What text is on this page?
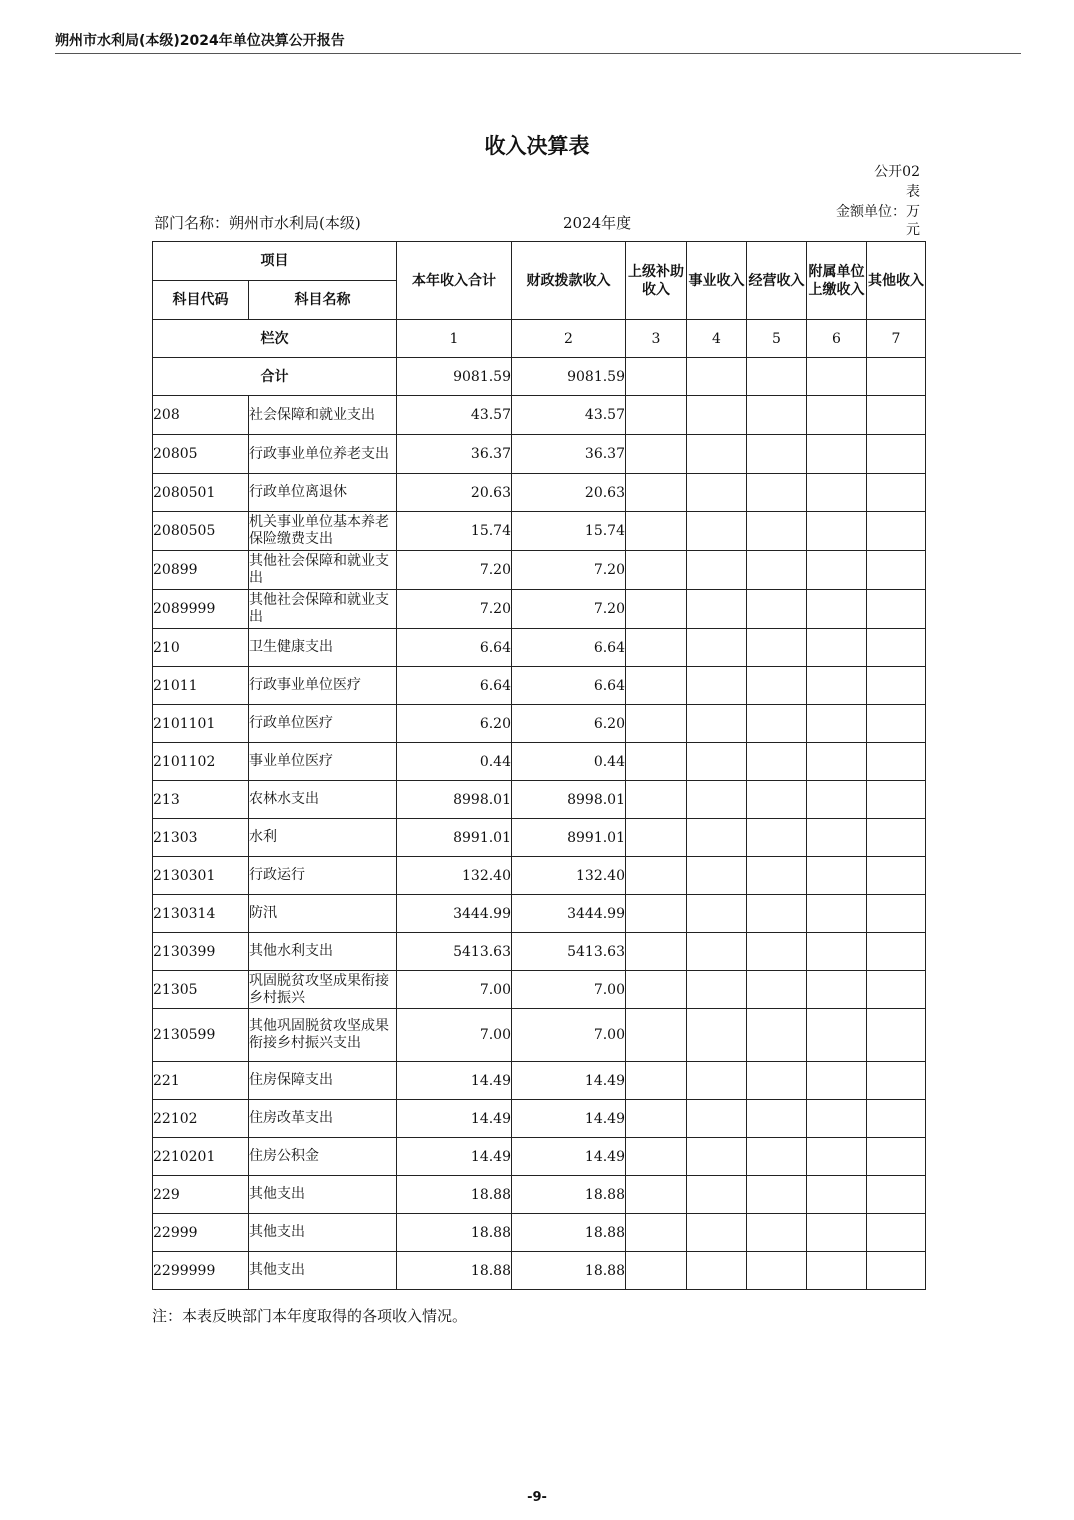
朔州市水利局(本级)2024年单位决算公开报告
收入决算表
公开02
表
金额单位：万
元
部门名称：朔州市水利局(本级)	2024年度
项目		本年收入合计	财政拨款收入	上级补助收入	事业收入	经营收入	附属单位上缴收入	其他收入
科目代码	科目名称							
栏次		1	2	3	4	5	6	7
合计		9081.59	9081.59					
208	社会保障和就业支出	43.57	43.57					
20805	行政事业单位养老支出	36.37	36.37					
2080501	行政单位离退休	20.63	20.63					
2080505	机关事业单位基本养老保险缴费支出	15.74	15.74					
20899	其他社会保障和就业支出	7.20	7.20					
2089999	其他社会保障和就业支出	7.20	7.20					
210	卫生健康支出	6.64	6.64					
21011	行政事业单位医疗	6.64	6.64					
2101101	行政单位医疗	6.20	6.20					
2101102	事业单位医疗	0.44	0.44					
213	农林水支出	8998.01	8998.01					
21303	水利	8991.01	8991.01					
2130301	行政运行	132.40	132.40					
2130314	防汛	3444.99	3444.99					
2130399	其他水利支出	5413.63	5413.63					
21305	巩固脱贫攻坚成果衔接乡村振兴	7.00	7.00					
2130599	其他巩固脱贫攻坚成果衔接乡村振兴支出	7.00	7.00					
221	住房保障支出	14.49	14.49					
22102	住房改革支出	14.49	14.49					
2210201	住房公积金	14.49	14.49					
229	其他支出	18.88	18.88					
22999	其他支出	18.88	18.88					
2299999	其他支出	18.88	18.88					
注：本表反映部门本年度取得的各项收入情况。
-9-
